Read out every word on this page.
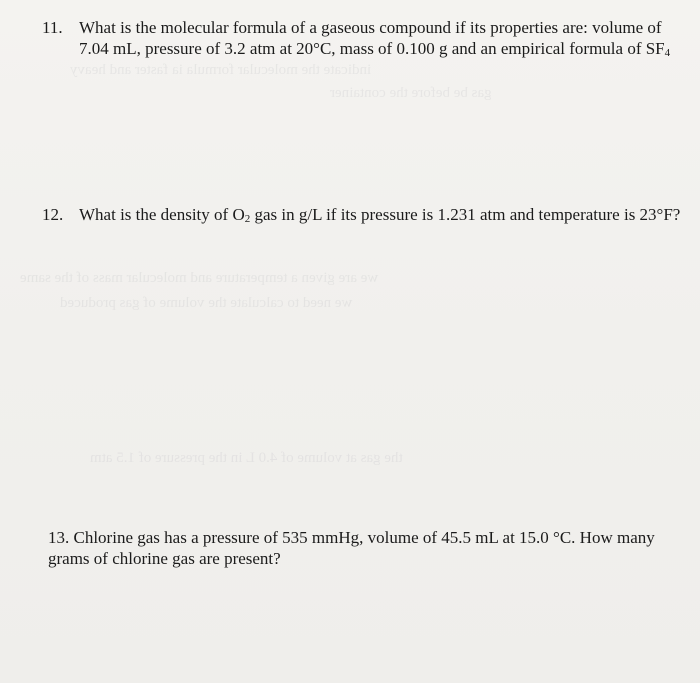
indicate the molecular formula ia faster and heavy
gas be before the container
we are given a temperature and molecular mass of the same
we need to calculate the volume of gas produced
the gas at volume of 4.0 L in the pressure of 1.5 atm
11. What is the molecular formula of a gaseous compound if its properties are: volume of 7.04 mL, pressure of 3.2 atm at 20°C, mass of 0.100 g and an empirical formula of $SF_4$
12. What is the density of $O_2$ gas in g/L if its pressure is 1.231 atm and temperature is 23°F?
13. Chlorine gas has a pressure of 535 mmHg, volume of 45.5 mL at 15.0 °C. How many grams of chlorine gas are present?
